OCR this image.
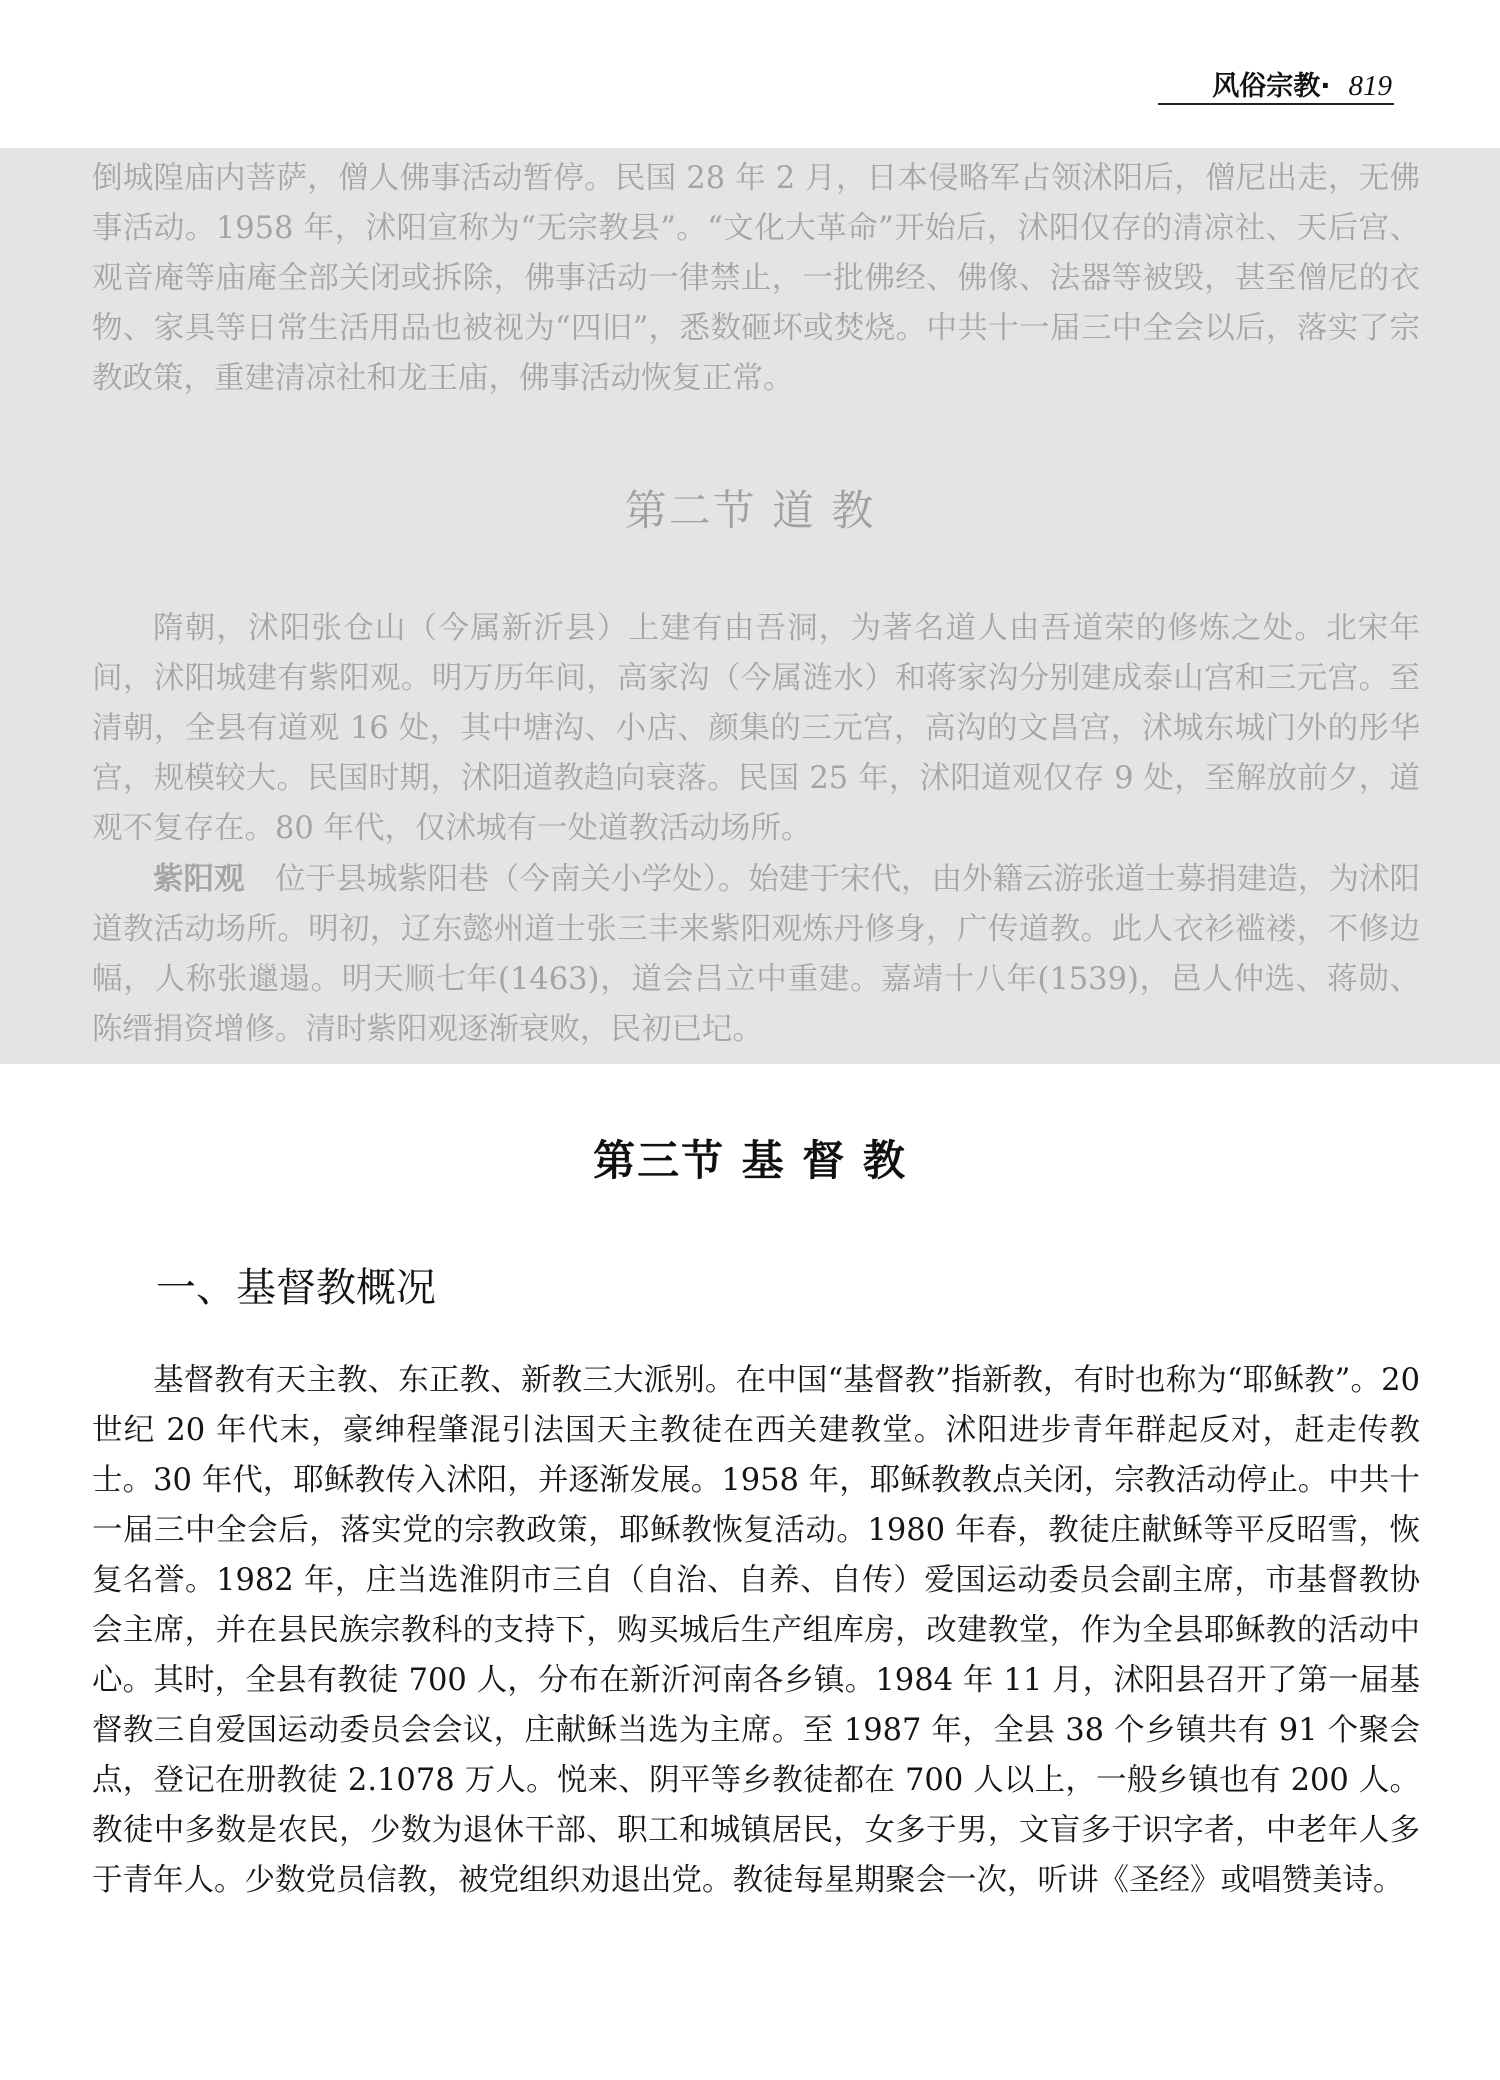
风俗宗教· 819

倒城隍庙内菩萨，僧人佛事活动暂停。民国 28 年 2 月，日本侵略军占领沭阳后，僧尼出走，无佛事活动。1958 年，沭阳宣称为“无宗教县”。“文化大革命”开始后，沭阳仅存的清凉社、天后宫、观音庵等庙庵全部关闭或拆除，佛事活动一律禁止，一批佛经、佛像、法器等被毁，甚至僧尼的衣物、家具等日常生活用品也被视为“四旧”，悉数砸坏或焚烧。中共十一届三中全会以后，落实了宗教政策，重建清凉社和龙王庙，佛事活动恢复正常。

第二节 道 教

隋朝，沭阳张仓山（今属新沂县）上建有由吾洞，为著名道人由吾道荣的修炼之处。北宋年间，沭阳城建有紫阳观。明万历年间，高家沟（今属涟水）和蒋家沟分别建成泰山宫和三元宫。至清朝，全县有道观 16 处，其中塘沟、小店、颜集的三元宫，高沟的文昌宫，沭城东城门外的彤华宫，规模较大。民国时期，沭阳道教趋向衰落。民国 25 年，沭阳道观仅存 9 处，至解放前夕，道观不复存在。80 年代，仅沭城有一处道教活动场所。

紫阳观  位于县城紫阳巷（今南关小学处）。始建于宋代，由外籍云游张道士募捐建造，为沭阳道教活动场所。明初，辽东懿州道士张三丰来紫阳观炼丹修身，广传道教。此人衣衫褴褛，不修边幅，人称张邋遢。明天顺七年(1463)，道会吕立中重建。嘉靖十八年(1539)，邑人仲选、蒋勋、陈缙捐资增修。清时紫阳观逐渐衰败，民初已圮。

第三节 基 督 教
一、基督教概况

基督教有天主教、东正教、新教三大派别。在中国“基督教”指新教，有时也称为“耶稣教”。20 世纪 20 年代末，豪绅程肇混引法国天主教徒在西关建教堂。沭阳进步青年群起反对，赶走传教士。30 年代，耶稣教传入沭阳，并逐渐发展。1958 年，耶稣教教点关闭，宗教活动停止。中共十一届三中全会后，落实党的宗教政策，耶稣教恢复活动。1980 年春，教徒庄献稣等平反昭雪，恢复名誉。1982 年，庄当选淮阴市三自（自治、自养、自传）爱国运动委员会副主席，市基督教协会主席，并在县民族宗教科的支持下，购买城后生产组库房，改建教堂，作为全县耶稣教的活动中心。其时，全县有教徒 700 人，分布在新沂河南各乡镇。1984 年 11 月，沭阳县召开了第一届基督教三自爱国运动委员会会议，庄献稣当选为主席。至 1987 年，全县 38 个乡镇共有 91 个聚会点，登记在册教徒 2.1078 万人。悦来、阴平等乡教徒都在 700 人以上，一般乡镇也有 200 人。教徒中多数是农民，少数为退休干部、职工和城镇居民，女多于男，文盲多于识字者，中老年人多于青年人。少数党员信教，被党组织劝退出党。教徒每星期聚会一次，听讲《圣经》或唱赞美诗。
